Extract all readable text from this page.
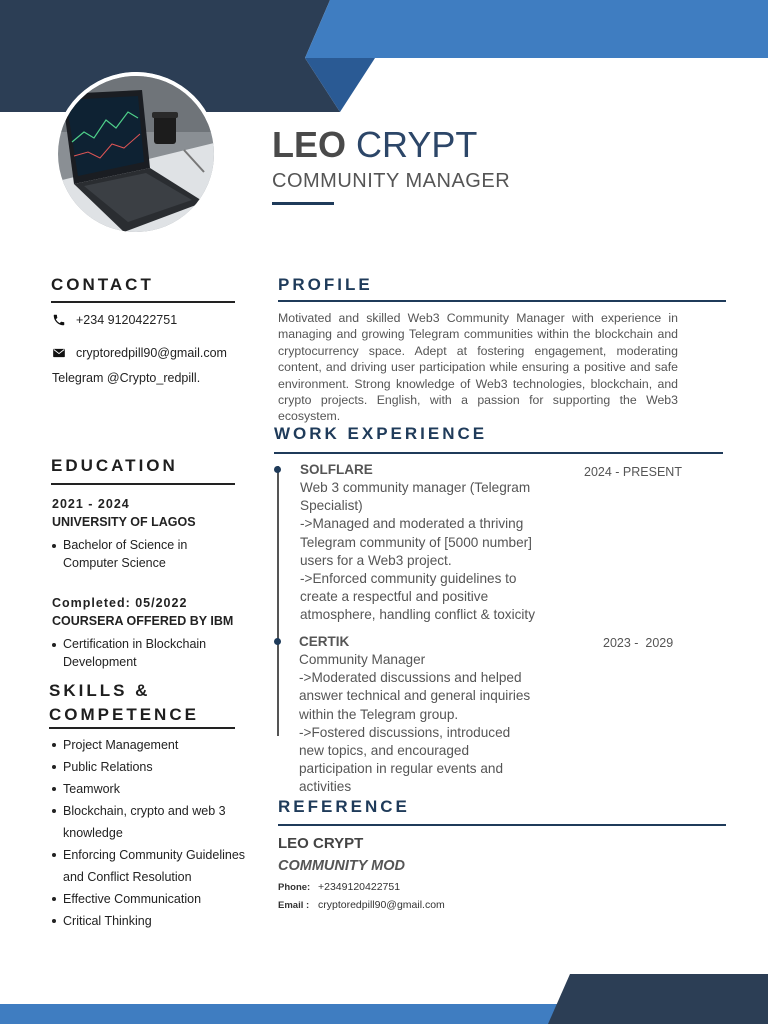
LEO CRYPT
COMMUNITY MANAGER
CONTACT
+234 9120422751
cryptoredpill90@gmail.com
Telegram @Crypto_redpill.
EDUCATION
2021 - 2024
UNIVERSITY OF LAGOS
Bachelor of Science in Computer Science
Completed: 05/2022
COURSERA OFFERED BY IBM
Certification in Blockchain Development
SKILLS &
COMPETENCE
Project Management
Public Relations
Teamwork
Blockchain, crypto and web 3 knowledge
Enforcing Community Guidelines and Conflict Resolution
Effective Communication
Critical Thinking
PROFILE
Motivated and skilled Web3 Community Manager with experience in managing and growing Telegram communities within the blockchain and cryptocurrency space. Adept at fostering engagement, moderating content, and driving user participation while ensuring a positive and safe environment. Strong knowledge of Web3 technologies, blockchain, and crypto projects. English, with a passion for supporting the Web3 ecosystem.
WORK EXPERIENCE
SOLFLARE	2024 - PRESENT
Web 3 community manager (Telegram
Specialist)
->Managed and moderated a thriving
Telegram community of [5000 number]
users for a Web3 project.
->Enforced community guidelines to
create a respectful and positive
atmosphere, handling conflict & toxicity
CERTIK	2023 -  2029
Community Manager
->Moderated discussions and helped
answer technical and general inquiries
within the Telegram group.
->Fostered discussions, introduced
new topics, and encouraged
participation in regular events and
activities
REFERENCE
LEO CRYPT
COMMUNITY MOD
Phone: +2349120422751
Email : cryptoredpill90@gmail.com
